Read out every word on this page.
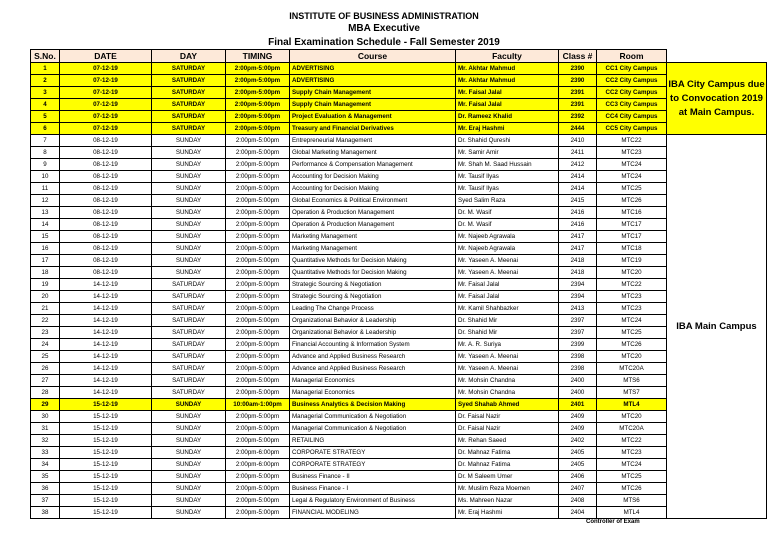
INSTITUTE OF BUSINESS ADMINISTRATION
MBA Executive
Final Examination Schedule - Fall Semester 2019
S.No.	DATE	DAY	TIMING	Course	Faculty	Class #	Room	
1	07-12-19	SATURDAY	2:00pm-5:00pm	ADVERTISING	Mr. Akhtar Mahmud	2390	CC1 City Campus	IBA City Campus due to Convocation 2019 at Main Campus.
2	07-12-19	SATURDAY	2:00pm-5:00pm	ADVERTISING	Mr. Akhtar Mahmud	2390	CC2 City Campus	
3	07-12-19	SATURDAY	2:00pm-5:00pm	Supply Chain Management	Mr. Faisal Jalal	2391	CC2 City Campus	
4	07-12-19	SATURDAY	2:00pm-5:00pm	Supply Chain Management	Mr. Faisal Jalal	2391	CC3 City Campus	
5	07-12-19	SATURDAY	2:00pm-5:00pm	Project Evaluation & Management	Dr. Rameez Khalid	2392	CC4 City Campus	
6	07-12-19	SATURDAY	2:00pm-5:00pm	Treasury and Financial Derivatives	Mr. Eraj Hashmi	2444	CC5 City Campus	
7	08-12-19	SUNDAY	2:00pm-5:00pm	Entrepreneurial Management	Dr. Shahid Qureshi	2410	MTC22	IBA Main Campus
8	08-12-19	SUNDAY	2:00pm-5:00pm	Global Marketing Management	Mr. Samir Amir	2411	MTC23	
9	08-12-19	SUNDAY	2:00pm-5:00pm	Performance & Compensation Management	Mr. Shah M. Saad Hussain	2412	MTC24	
10	08-12-19	SUNDAY	2:00pm-5:00pm	Accounting for Decision Making	Mr. Tausif Ilyas	2414	MTC24	
11	08-12-19	SUNDAY	2:00pm-5:00pm	Accounting for Decision Making	Mr. Tausif Ilyas	2414	MTC25	
12	08-12-19	SUNDAY	2:00pm-5:00pm	Global Economics & Political Environment	Syed Salim Raza	2415	MTC26	
13	08-12-19	SUNDAY	2:00pm-5:00pm	Operation & Production Management	Dr. M. Wasif	2416	MTC16	
14	08-12-19	SUNDAY	2:00pm-5:00pm	Operation & Production Management	Dr. M. Wasif	2416	MTC17	
15	08-12-19	SUNDAY	2:00pm-5:00pm	Marketing Management	Mr. Najeeb Agrawala	2417	MTC17	
16	08-12-19	SUNDAY	2:00pm-5:00pm	Marketing Management	Mr. Najeeb Agrawala	2417	MTC18	
17	08-12-19	SUNDAY	2:00pm-5:00pm	Quantitative Methods for Decision Making	Mr. Yaseen A. Meenai	2418	MTC19	
18	08-12-19	SUNDAY	2:00pm-5:00pm	Quantitative Methods for Decision Making	Mr. Yaseen A. Meenai	2418	MTC20	
19	14-12-19	SATURDAY	2:00pm-5:00pm	Strategic Sourcing & Negotiation	Mr. Faisal Jalal	2394	MTC22	
20	14-12-19	SATURDAY	2:00pm-5:00pm	Strategic Sourcing & Negotiation	Mr. Faisal Jalal	2394	MTC23	
21	14-12-19	SATURDAY	2:00pm-5:00pm	Leading The Change Process	Mr. Kamil Shahbazker	2413	MTC23	
22	14-12-19	SATURDAY	2:00pm-5:00pm	Organizational Behavior & Leadership	Dr. Shahid Mir	2397	MTC24	
23	14-12-19	SATURDAY	2:00pm-5:00pm	Organizational Behavior & Leadership	Dr. Shahid Mir	2397	MTC25	
24	14-12-19	SATURDAY	2:00pm-5:00pm	Financial Accounting & Information System	Mr. A. R. Suriya	2399	MTC26	
25	14-12-19	SATURDAY	2:00pm-5:00pm	Advance and Applied Business Research	Mr. Yaseen A. Meenai	2398	MTC20	
26	14-12-19	SATURDAY	2:00pm-5:00pm	Advance and Applied Business Research	Mr. Yaseen A. Meenai	2398	MTC20A	
27	14-12-19	SATURDAY	2:00pm-5:00pm	Managerial Economics	Mr. Mohsin Chandna	2400	MTS6	
28	14-12-19	SATURDAY	2:00pm-5:00pm	Managerial Economics	Mr. Mohsin Chandna	2400	MTS7	
29	15-12-19	SUNDAY	10:00am-1:00pm	Business Analytics & Decision Making	Syed Shahab Ahmed	2401	MTL4	
30	15-12-19	SUNDAY	2:00pm-5:00pm	Managerial Communication & Negotiation	Dr. Faisal Nazir	2409	MTC20	
31	15-12-19	SUNDAY	2:00pm-5:00pm	Managerial Communication & Negotiation	Dr. Faisal Nazir	2409	MTC20A	
32	15-12-19	SUNDAY	2:00pm-5:00pm	RETAILING	Mr. Rehan Saeed	2402	MTC22	
33	15-12-19	SUNDAY	2:00pm-6:00pm	CORPORATE STRATEGY	Dr. Mahnaz Fatima	2405	MTC23	
34	15-12-19	SUNDAY	2:00pm-6:00pm	CORPORATE STRATEGY	Dr. Mahnaz Fatima	2405	MTC24	
35	15-12-19	SUNDAY	2:00pm-5:00pm	Business Finance - II	Dr. M Saleem Umer	2406	MTC25	
36	15-12-19	SUNDAY	2:00pm-5:00pm	Business Finance - I	Mr. Muslim Reza Moemen	2407	MTC26	
37	15-12-19	SUNDAY	2:00pm-5:00pm	Legal & Regulatory Environment of Business	Ms. Mahreen Nazar	2408	MTS6	
38	15-12-19	SUNDAY	2:00pm-5:00pm	FINANCIAL MODELING	Mr. Eraj Hashmi	2404	MTL4	
Controller of Exam
